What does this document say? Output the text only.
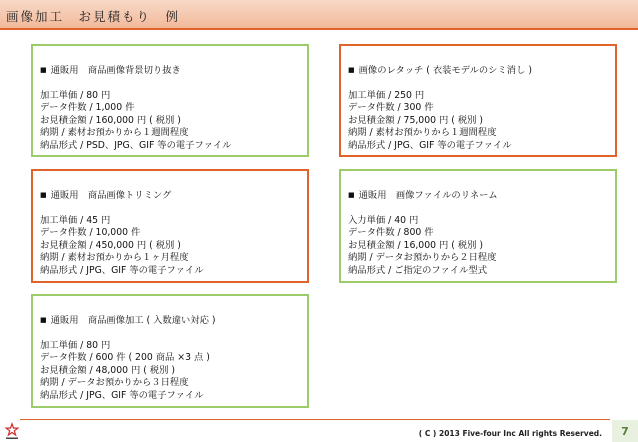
画像加工　お見積もり　例
■ 通販用　商品画像背景切り抜き
加工単価 / 80 円
データ件数 / 1,000 件
お見積金額 / 160,000 円 ( 税別 )
納期 / 素材お預かりから１週間程度
納品形式 / PSD、JPG、GIF 等の電子ファイル
■ 画像のレタッチ ( 衣装モデルのシミ消し )
加工単価 / 250 円
データ件数 / 300 件
お見積金額 / 75,000 円 ( 税別 )
納期 / 素材お預かりから１週間程度
納品形式 / JPG、GIF 等の電子ファイル
■ 通販用　商品画像トリミング
加工単価 / 45 円
データ件数 / 10,000 件
お見積金額 / 450,000 円 ( 税別 )
納期 / 素材お預かりから１ヶ月程度
納品形式 / JPG、GIF 等の電子ファイル
■ 通販用　画像ファイルのリネーム
入力単価 / 40 円
データ件数 / 800 件
お見積金額 / 16,000 円 ( 税別 )
納期 / データお預かりから２日程度
納品形式 / ご指定のファイル型式
■ 通販用　商品画像加工 ( 入数違い対応 )
加工単価 / 80 円
データ件数 / 600 件 ( 200 商品 ×3 点 )
お見積金額 / 48,000 円 ( 税別 )
納期 / データお預かりから３日程度
納品形式 / JPG、GIF 等の電子ファイル
( C ) 2013 Five-four Inc All rights Reserved.	7
